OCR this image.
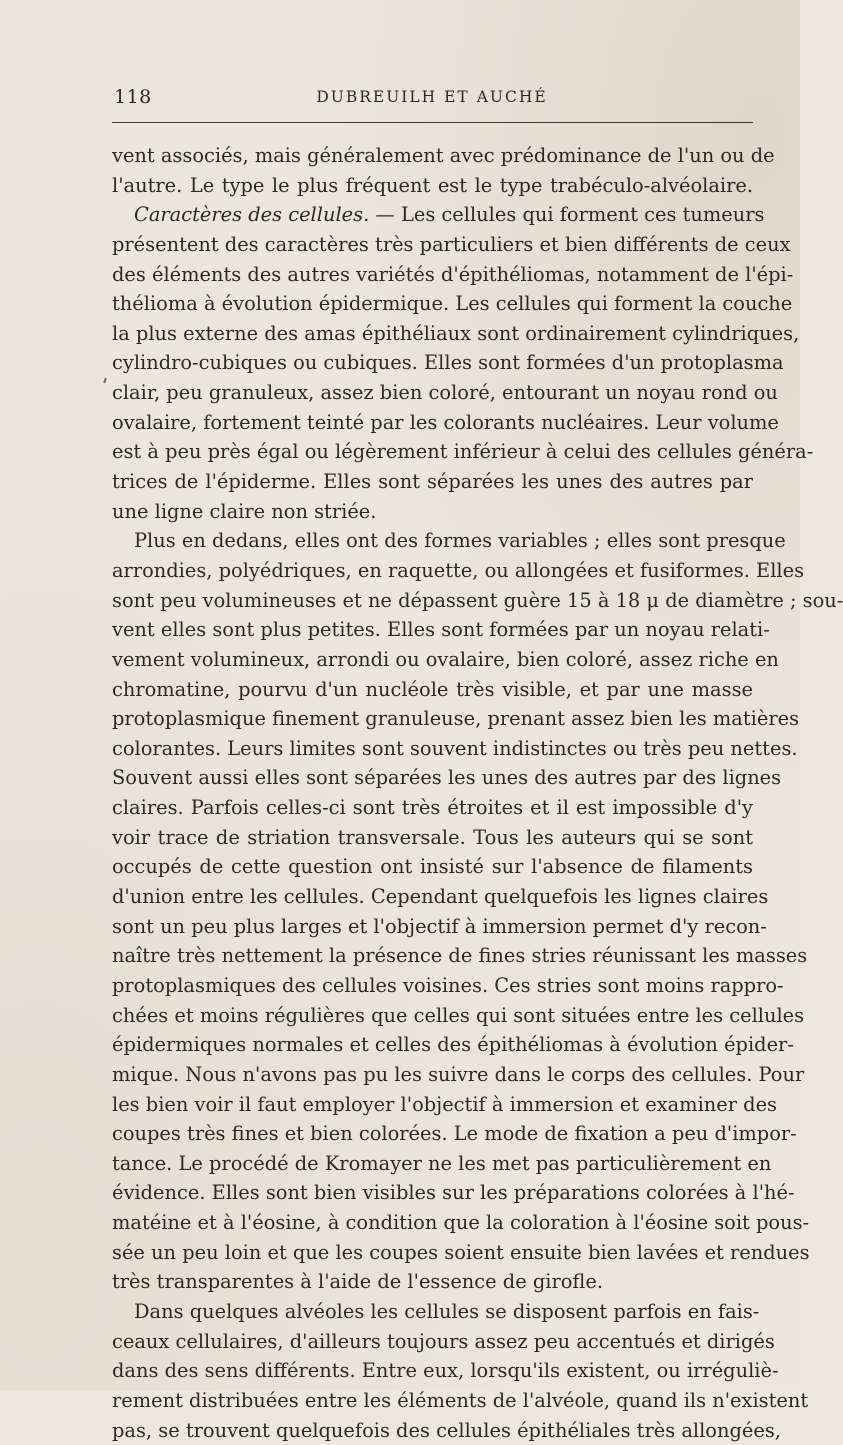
118	DUBREUILH ET AUCHÉ
vent associés, mais généralement avec prédominance de l'un ou de
l'autre. Le type le plus fréquent est le type trabéculo-alvéolaire.
Caractères des cellules. — Les cellules qui forment ces tumeurs
présentent des caractères très particuliers et bien différents de ceux
des éléments des autres variétés d'épithéliomas, notamment de l'épi-
thélioma à évolution épidermique. Les cellules qui forment la couche
la plus externe des amas épithéliaux sont ordinairement cylindriques,
cylindro-cubiques ou cubiques. Elles sont formées d'un protoplasma
clair, peu granuleux, assez bien coloré, entourant un noyau rond ou
ovalaire, fortement teinté par les colorants nucléaires. Leur volume
est à peu près égal ou légèrement inférieur à celui des cellules généra-
trices de l'épiderme. Elles sont séparées les unes des autres par
une ligne claire non striée.
Plus en dedans, elles ont des formes variables ; elles sont presque
arrondies, polyédriques, en raquette, ou allongées et fusiformes. Elles
sont peu volumineuses et ne dépassent guère 15 à 18 μ de diamètre ; sou-
vent elles sont plus petites. Elles sont formées par un noyau relati-
vement volumineux, arrondi ou ovalaire, bien coloré, assez riche en
chromatine, pourvu d'un nucléole très visible, et par une masse
protoplasmique finement granuleuse, prenant assez bien les matières
colorantes. Leurs limites sont souvent indistinctes ou très peu nettes.
Souvent aussi elles sont séparées les unes des autres par des lignes
claires. Parfois celles-ci sont très étroites et il est impossible d'y
voir trace de striation transversale. Tous les auteurs qui se sont
occupés de cette question ont insisté sur l'absence de filaments
d'union entre les cellules. Cependant quelquefois les lignes claires
sont un peu plus larges et l'objectif à immersion permet d'y recon-
naître très nettement la présence de fines stries réunissant les masses
protoplasmiques des cellules voisines. Ces stries sont moins rappro-
chées et moins régulières que celles qui sont situées entre les cellules
épidermiques normales et celles des épithéliomas à évolution épider-
mique. Nous n'avons pas pu les suivre dans le corps des cellules. Pour
les bien voir il faut employer l'objectif à immersion et examiner des
coupes très fines et bien colorées. Le mode de fixation a peu d'impor-
tance. Le procédé de Kromayer ne les met pas particulièrement en
évidence. Elles sont bien visibles sur les préparations colorées à l'hé-
matéine et à l'éosine, à condition que la coloration à l'éosine soit pous-
sée un peu loin et que les coupes soient ensuite bien lavées et rendues
très transparentes à l'aide de l'essence de girofle.
Dans quelques alvéoles les cellules se disposent parfois en fais-
ceaux cellulaires, d'ailleurs toujours assez peu accentués et dirigés
dans des sens différents. Entre eux, lorsqu'ils existent, ou irréguliè-
rement distribuées entre les éléments de l'alvéole, quand ils n'existent
pas, se trouvent quelquefois des cellules épithéliales très allongées,
